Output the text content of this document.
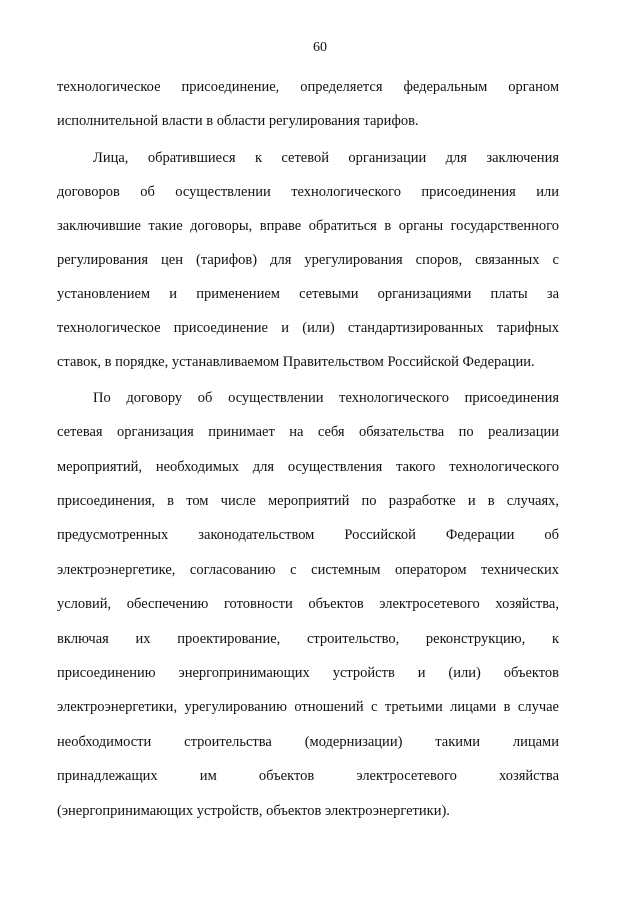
60
технологическое присоединение, определяется федеральным органом
исполнительной власти в области регулирования тарифов.
Лица, обратившиеся к сетевой организации для заключения
договоров об осуществлении технологического присоединения или
заключившие такие договоры, вправе обратиться в органы государственного
регулирования цен (тарифов) для урегулирования споров, связанных с
установлением и применением сетевыми организациями платы за
технологическое присоединение и (или) стандартизированных тарифных
ставок, в порядке, устанавливаемом Правительством Российской Федерации.
По договору об осуществлении технологического присоединения
сетевая организация принимает на себя обязательства по реализации
мероприятий, необходимых для осуществления такого технологического
присоединения, в том числе мероприятий по разработке и в случаях,
предусмотренных законодательством Российской Федерации об
электроэнергетике, согласованию с системным оператором технических
условий, обеспечению готовности объектов электросетевого хозяйства,
включая их проектирование, строительство, реконструкцию, к
присоединению энергопринимающих устройств и (или) объектов
электроэнергетики, урегулированию отношений с третьими лицами в случае
необходимости строительства (модернизации) такими лицами
принадлежащих им объектов электросетевого хозяйства
(энергопринимающих устройств, объектов электроэнергетики).
